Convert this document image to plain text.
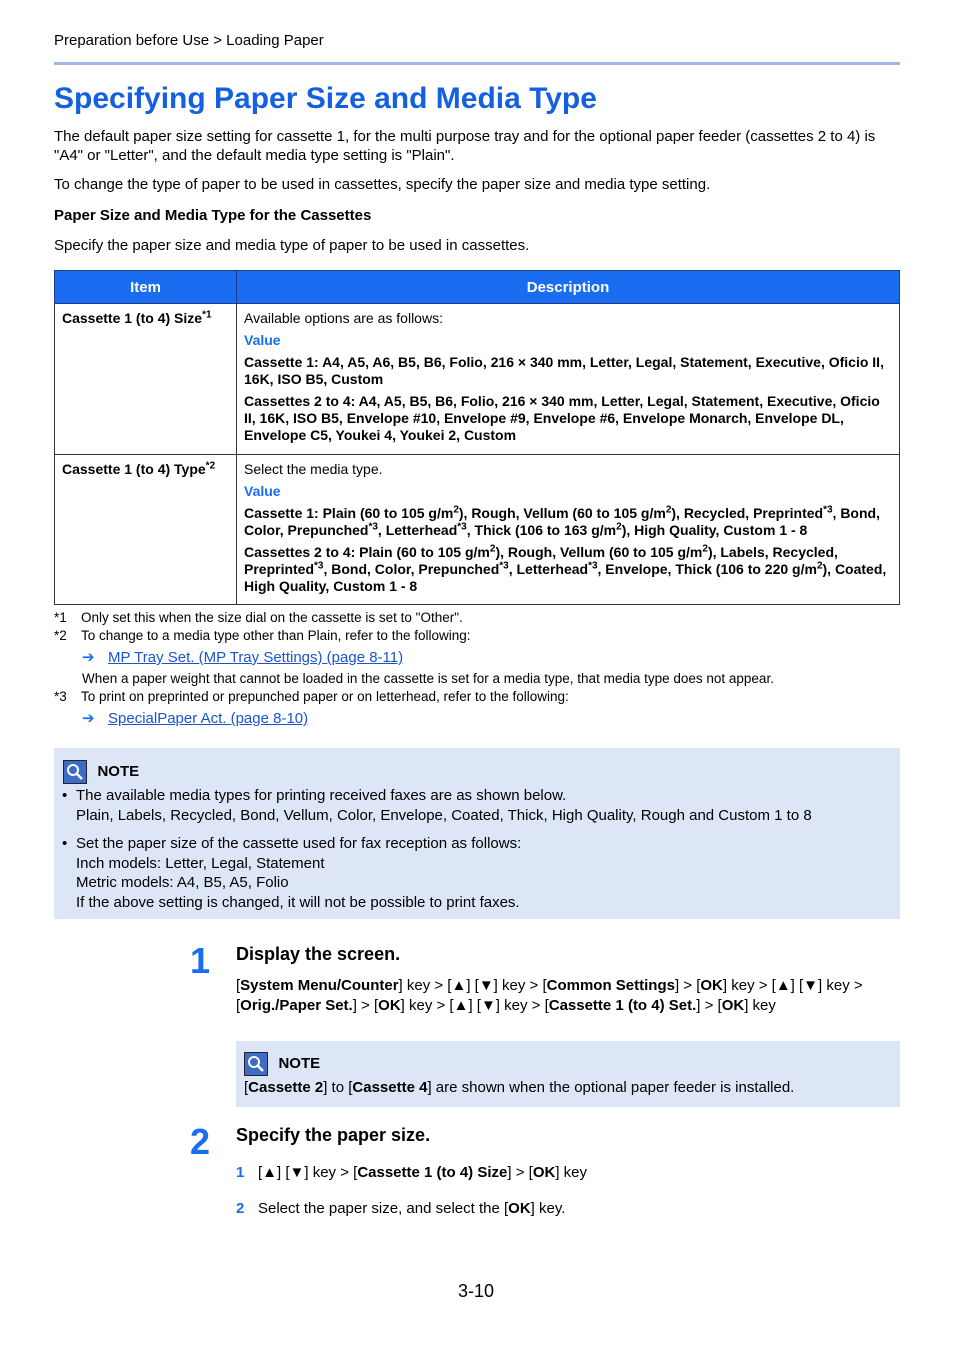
Preparation before Use > Loading Paper
Specifying Paper Size and Media Type
The default paper size setting for cassette 1, for the multi purpose tray and for the optional paper feeder (cassettes 2 to 4) is "A4" or "Letter", and the default media type setting is "Plain".
To change the type of paper to be used in cassettes, specify the paper size and media type setting.
Paper Size and Media Type for the Cassettes
Specify the paper size and media type of paper to be used in cassettes.
Item	Description
Cassette 1 (to 4) Size$^{*1}$	Available options are as follows:
Value
Cassette 1: A4, A5, A6, B5, B6, Folio, 216 × 340 mm, Letter, Legal, Statement, Executive, Oficio II, 16K, ISO B5, Custom
Cassettes 2 to 4: A4, A5, B5, B6, Folio, 216 × 340 mm, Letter, Legal, Statement, Executive, Oficio II, 16K, ISO B5, Envelope #10, Envelope #9, Envelope #6, Envelope Monarch, Envelope DL, Envelope C5, Youkei 4, Youkei 2, Custom

Cassette 1 (to 4) Type$^{*2}$	Select the media type.
Value
Cassette 1: Plain (60 to 105 $g/m^2$), Rough, Vellum (60 to 105 $g/m^2$), Recycled, Preprinted$^{*3}$, Bond, Color, Prepunched$^{*3}$, Letterhead$^{*3}$, Thick (106 to 163 $g/m^2$), High Quality, Custom 1 - 8
Cassettes 2 to 4: Plain (60 to 105 $g/m^2$), Rough, Vellum (60 to 105 $g/m^2$), Labels, Recycled, Preprinted$^{*3}$, Bond, Color, Prepunched$^{*3}$, Letterhead$^{*3}$, Envelope, Thick (106 to 220 $g/m^2$), Coated, High Quality, Custom 1 - 8
*1 Only set this when the size dial on the cassette is set to "Other".
*2 To change to a media type other than Plain, refer to the following:
➔ MP Tray Set. (MP Tray Settings) (page 8-11)
When a paper weight that cannot be loaded in the cassette is set for a media type, that media type does not appear.
*3 To print on preprinted or prepunched paper or on letterhead, refer to the following:
➔ SpecialPaper Act. (page 8-10)
NOTE
• The available media types for printing received faxes are as shown below.
Plain, Labels, Recycled, Bond, Vellum, Color, Envelope, Coated, Thick, High Quality, Rough and Custom 1 to 8
• Set the paper size of the cassette used for fax reception as follows:
Inch models: Letter, Legal, Statement
Metric models: A4, B5, A5, Folio
If the above setting is changed, it will not be possible to print faxes.
1 Display the screen.
[System Menu/Counter] key > [▲] [▼] key > [Common Settings] > [OK] key > [▲] [▼] key > [Orig./Paper Set.] > [OK] key > [▲] [▼] key > [Cassette 1 (to 4) Set.] > [OK] key
NOTE
[Cassette 2] to [Cassette 4] are shown when the optional paper feeder is installed.
2 Specify the paper size.
1 [▲] [▼] key > [Cassette 1 (to 4) Size] > [OK] key
2 Select the paper size, and select the [OK] key.
3-10
